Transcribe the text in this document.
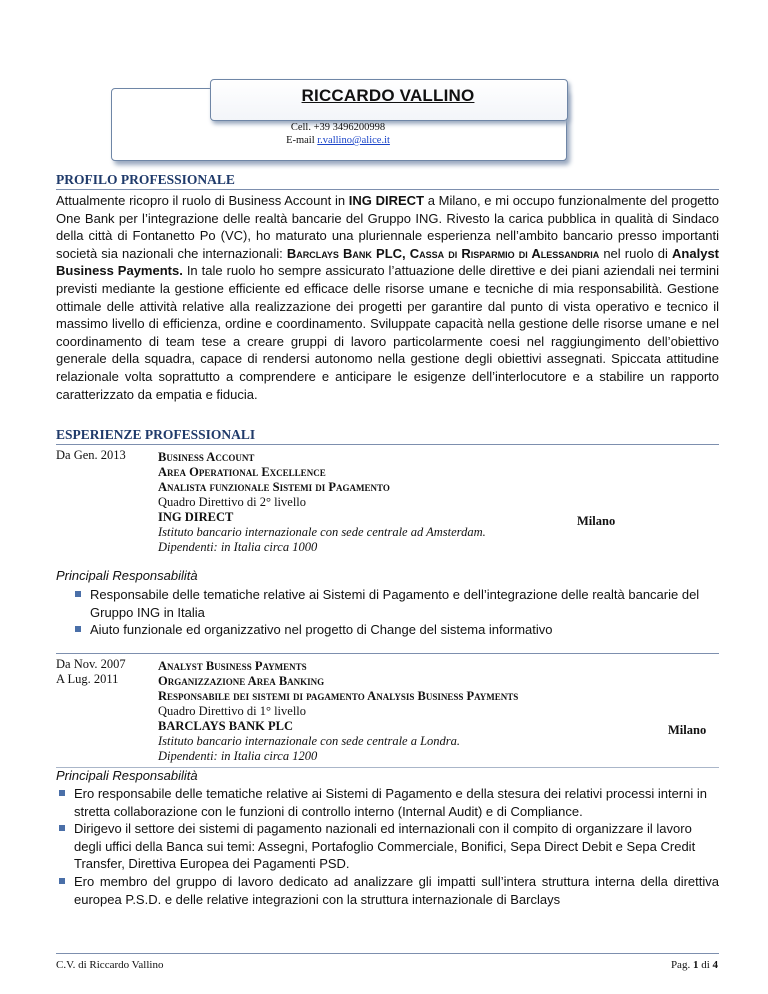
RICCARDO VALLINO
Cell. +39 3496200998
E-mail r.vallino@alice.it
PROFILO PROFESSIONALE
Attualmente ricopro il ruolo di Business Account in ING DIRECT a Milano, e mi occupo funzionalmente del progetto One Bank per l’integrazione delle realtà bancarie del Gruppo ING. Rivesto la carica pubblica in qualità di Sindaco della città di Fontanetto Po (VC), ho maturato una pluriennale esperienza nell’ambito bancario presso importanti società sia nazionali che internazionali: Barclays Bank PLC, Cassa di Risparmio di Alessandria nel ruolo di Analyst Business Payments. In tale ruolo ho sempre assicurato l’attuazione delle direttive e dei piani aziendali nei termini previsti mediante la gestione efficiente ed efficace delle risorse umane e tecniche di mia responsabilità. Gestione ottimale delle attività relative alla realizzazione dei progetti per garantire dal punto di vista operativo e tecnico il massimo livello di efficienza, ordine e coordinamento. Sviluppate capacità nella gestione delle risorse umane e nel coordinamento di team tese a creare gruppi di lavoro particolarmente coesi nel raggiungimento dell’obiettivo generale della squadra, capace di rendersi autonomo nella gestione degli obiettivi assegnati. Spiccata attitudine relazionale volta soprattutto a comprendere e anticipare le esigenze dell’interlocutore e a stabilire un rapporto caratterizzato da empatia e fiducia.
ESPERIENZE PROFESSIONALI
Da Gen. 2013	Business Account
Area Operational Excellence
Analista funzionale Sistemi di Pagamento
Quadro Direttivo di 2° livello
ING DIRECT
Istituto bancario internazionale con sede centrale ad Amsterdam.
Dipendenti: in Italia circa 1000
Milano
Principali Responsabilità
Responsabile delle tematiche relative ai Sistemi di Pagamento e dell’integrazione delle realtà bancarie del Gruppo ING in Italia
Aiuto funzionale ed organizzativo nel progetto di Change del sistema informativo
Da Nov. 2007
A Lug. 2011
Analyst Business Payments
Organizzazione Area Banking
Responsabile dei sistemi di pagamento Analysis Business Payments
Quadro Direttivo di 1° livello
BARCLAYS BANK PLC
Istituto bancario internazionale con sede centrale a Londra.
Dipendenti: in Italia circa 1200
Milano
Principali Responsabilità
Ero responsabile delle tematiche relative ai Sistemi di Pagamento e della stesura dei relativi processi interni in stretta collaborazione con le funzioni di controllo interno (Internal Audit) e di Compliance.
Dirigevo il settore dei sistemi di pagamento nazionali ed internazionali con il compito di organizzare il lavoro degli uffici della Banca sui temi: Assegni, Portafoglio Commerciale, Bonifici, Sepa Direct Debit e Sepa Credit Transfer, Direttiva Europea dei Pagamenti PSD.
Ero membro del gruppo di lavoro dedicato ad analizzare gli impatti sull’intera struttura interna della direttiva europea P.S.D. e delle relative integrazioni con la struttura internazionale di Barclays
C.V. di Riccardo Vallino	Pag. 1 di 4
